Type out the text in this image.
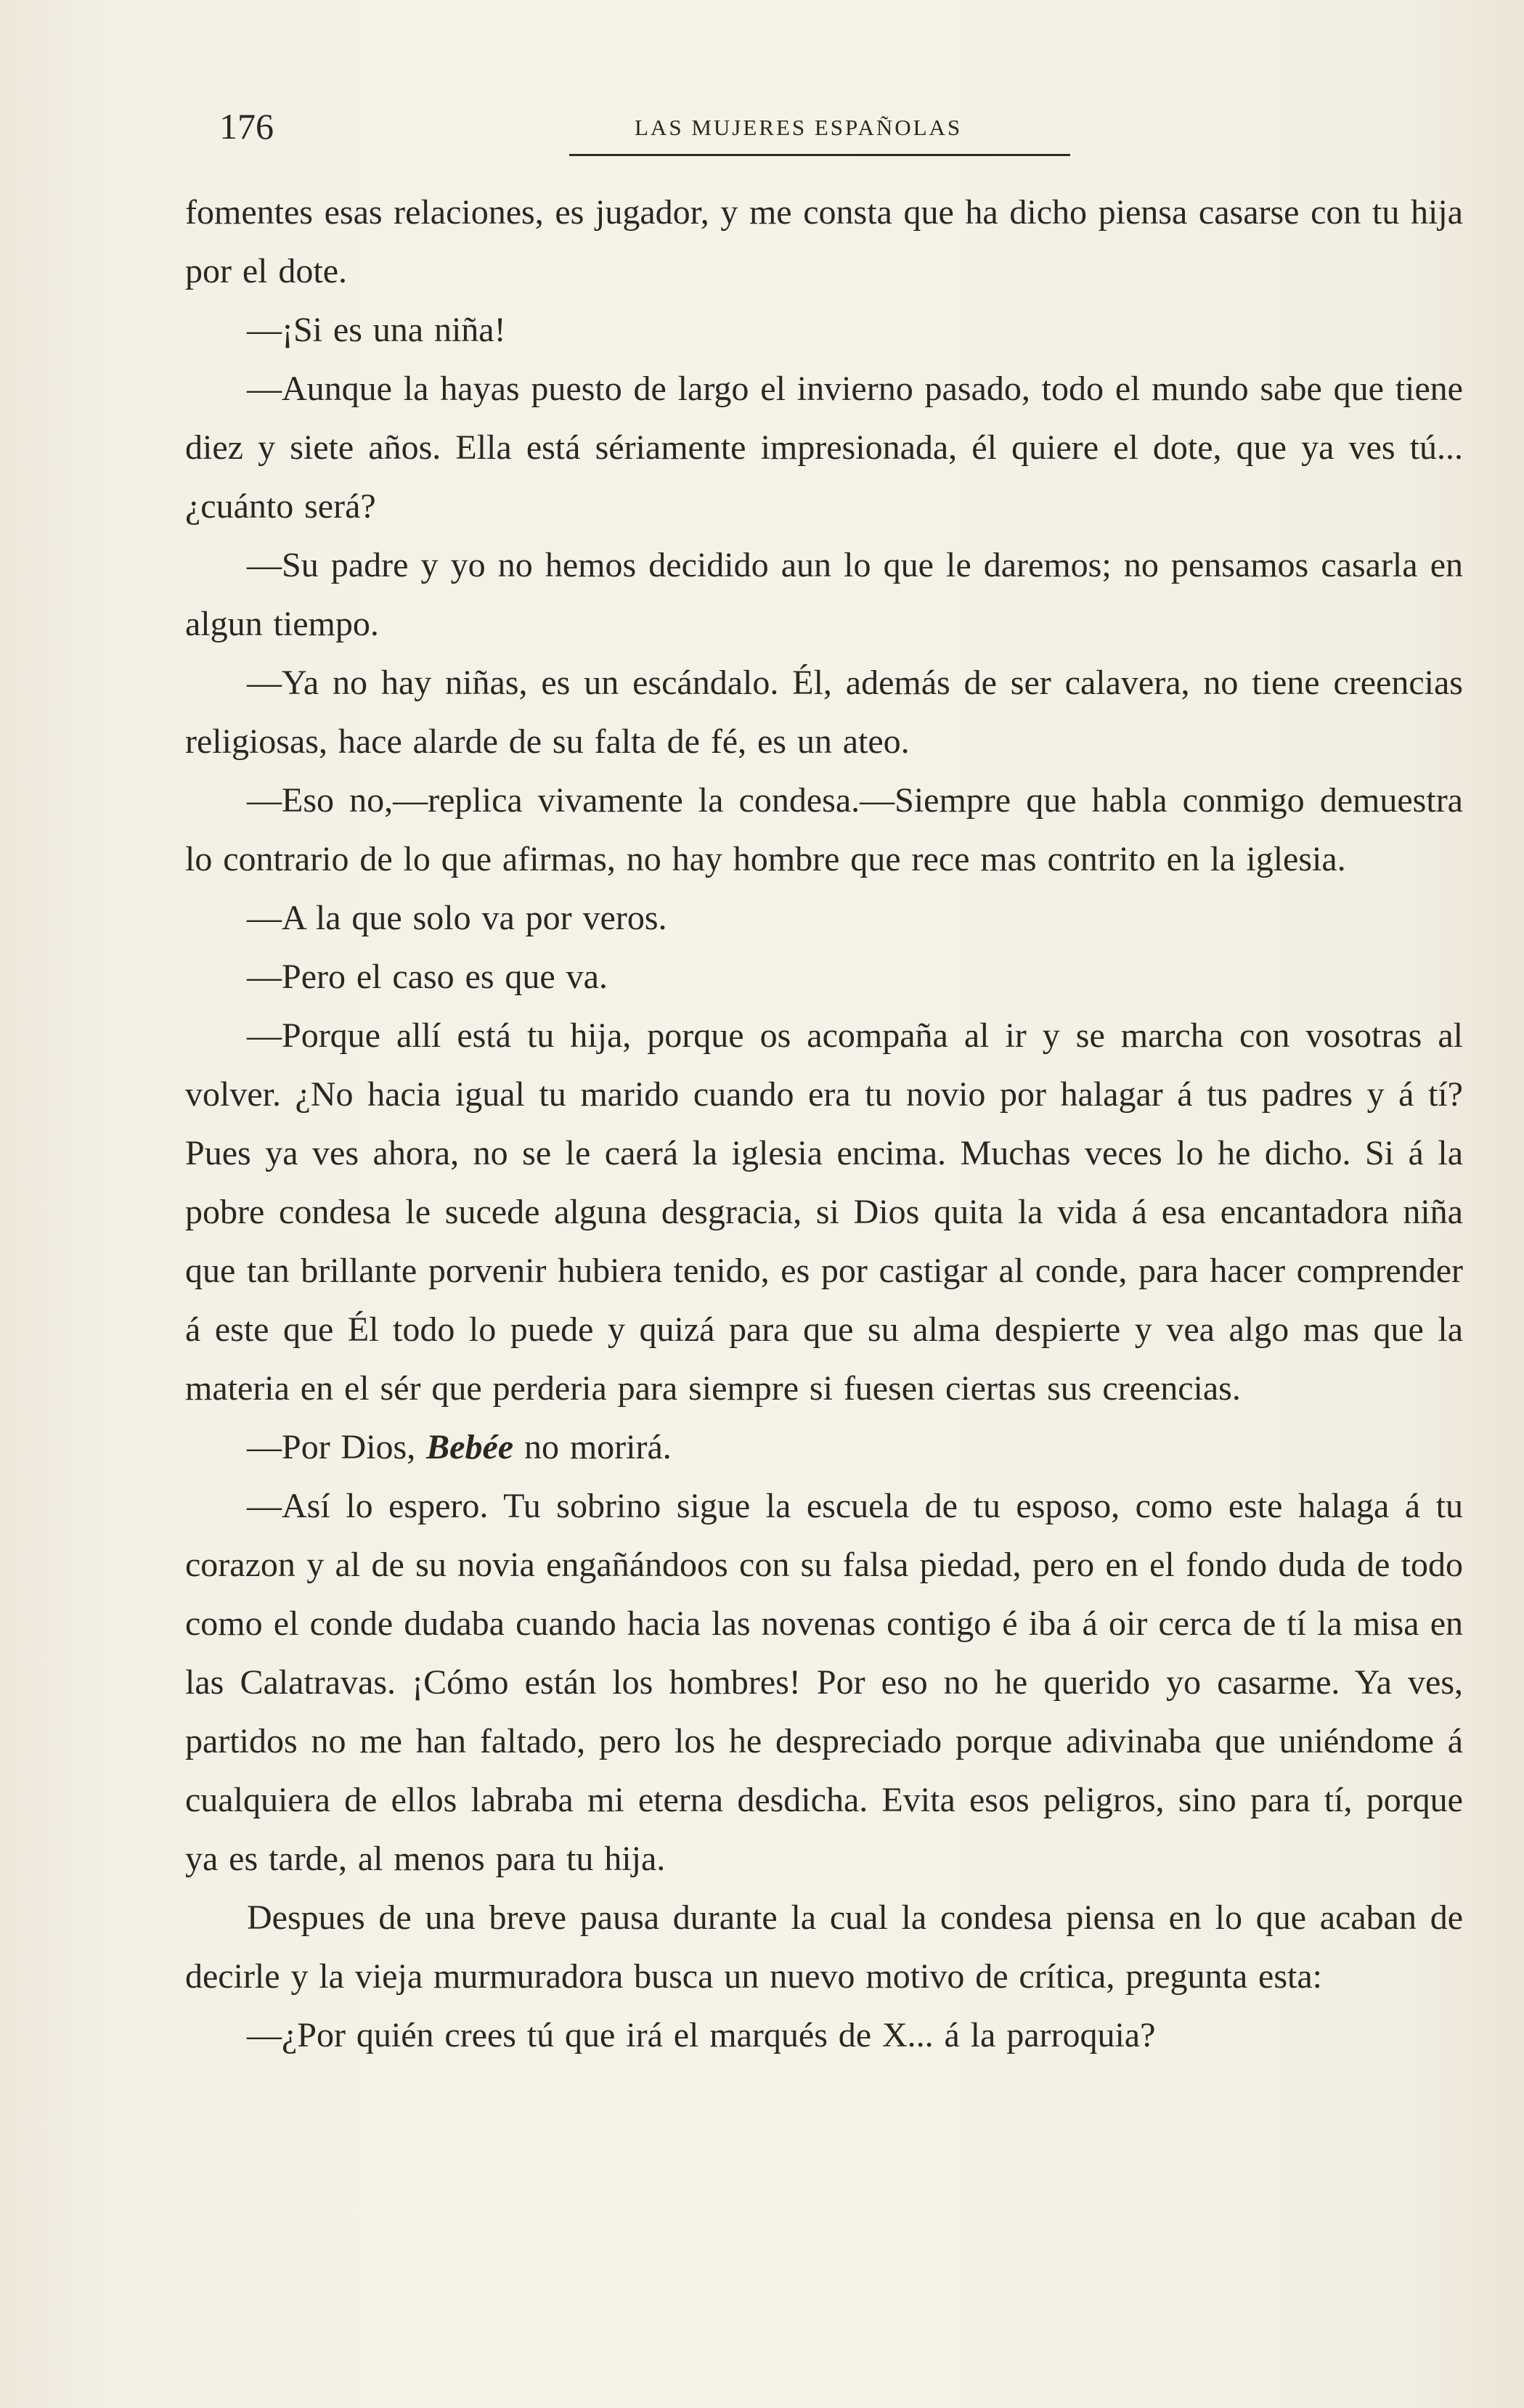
176	LAS MUJERES ESPAÑOLAS

fomentes esas relaciones, es jugador, y me consta que ha dicho piensa casarse con tu hija por el dote.

—¡Si es una niña!

—Aunque la hayas puesto de largo el invierno pasado, todo el mundo sabe que tiene diez y siete años. Ella está sériamente impresionada, él quiere el dote, que ya ves tú... ¿cuánto será?

—Su padre y yo no hemos decidido aun lo que le daremos; no pensamos casarla en algun tiempo.

—Ya no hay niñas, es un escándalo. Él, además de ser calavera, no tiene creencias religiosas, hace alarde de su falta de fé, es un ateo.

—Eso no,—replica vivamente la condesa.—Siempre que habla conmigo demuestra lo contrario de lo que afirmas, no hay hombre que rece mas contrito en la iglesia.

—A la que solo va por veros.

—Pero el caso es que va.

—Porque allí está tu hija, porque os acompaña al ir y se marcha con vosotras al volver. ¿No hacia igual tu marido cuando era tu novio por halagar á tus padres y á tí? Pues ya ves ahora, no se le caerá la iglesia encima. Muchas veces lo he dicho. Si á la pobre condesa le sucede alguna desgracia, si Dios quita la vida á esa encantadora niña que tan brillante porvenir hubiera tenido, es por castigar al conde, para hacer comprender á este que Él todo lo puede y quizá para que su alma despierte y vea algo mas que la materia en el sér que perderia para siempre si fuesen ciertas sus creencias.

—Por Dios, Bebée no morirá.

—Así lo espero. Tu sobrino sigue la escuela de tu esposo, como este halaga á tu corazon y al de su novia engañándoos con su falsa piedad, pero en el fondo duda de todo como el conde dudaba cuando hacia las novenas contigo é iba á oir cerca de tí la misa en las Calatravas. ¡Cómo están los hombres! Por eso no he querido yo casarme. Ya ves, partidos no me han faltado, pero los he despreciado porque adivinaba que uniéndome á cualquiera de ellos labraba mi eterna desdicha. Evita esos peligros, sino para tí, porque ya es tarde, al menos para tu hija.

Despues de una breve pausa durante la cual la condesa piensa en lo que acaban de decirle y la vieja murmuradora busca un nuevo motivo de crítica, pregunta esta:

—¿Por quién crees tú que irá el marqués de X... á la parroquia?
